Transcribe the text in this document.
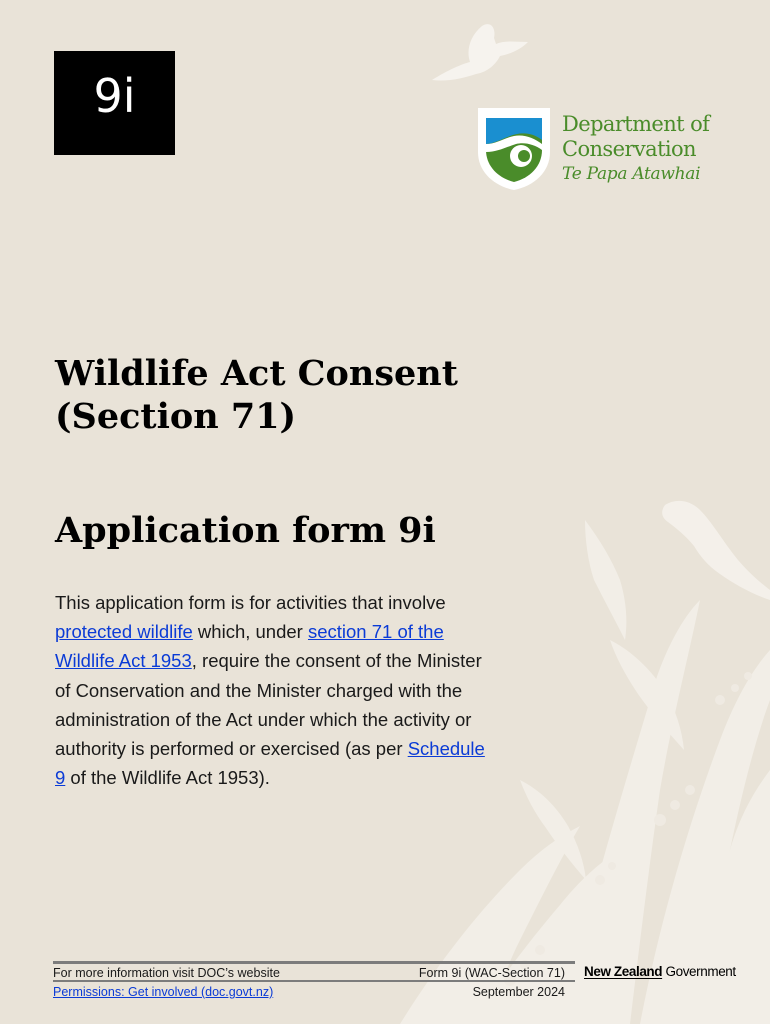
9i
Department of
Conservation
Te Papa Atawhai
Wildlife Act Consent (Section 71)
Application form 9i

This application form is for activities that involve protected wildlife which, under section 71 of the Wildlife Act 1953, require the consent of the Minister of Conservation and the Minister charged with the administration of the Act under which the activity or authority is performed or exercised (as per Schedule 9 of the Wildlife Act 1953).

For more information visit DOC’s website
Permissions: Get involved (doc.govt.nz)
Form 9i (WAC-Section 71)
September 2024
New Zealand Government
